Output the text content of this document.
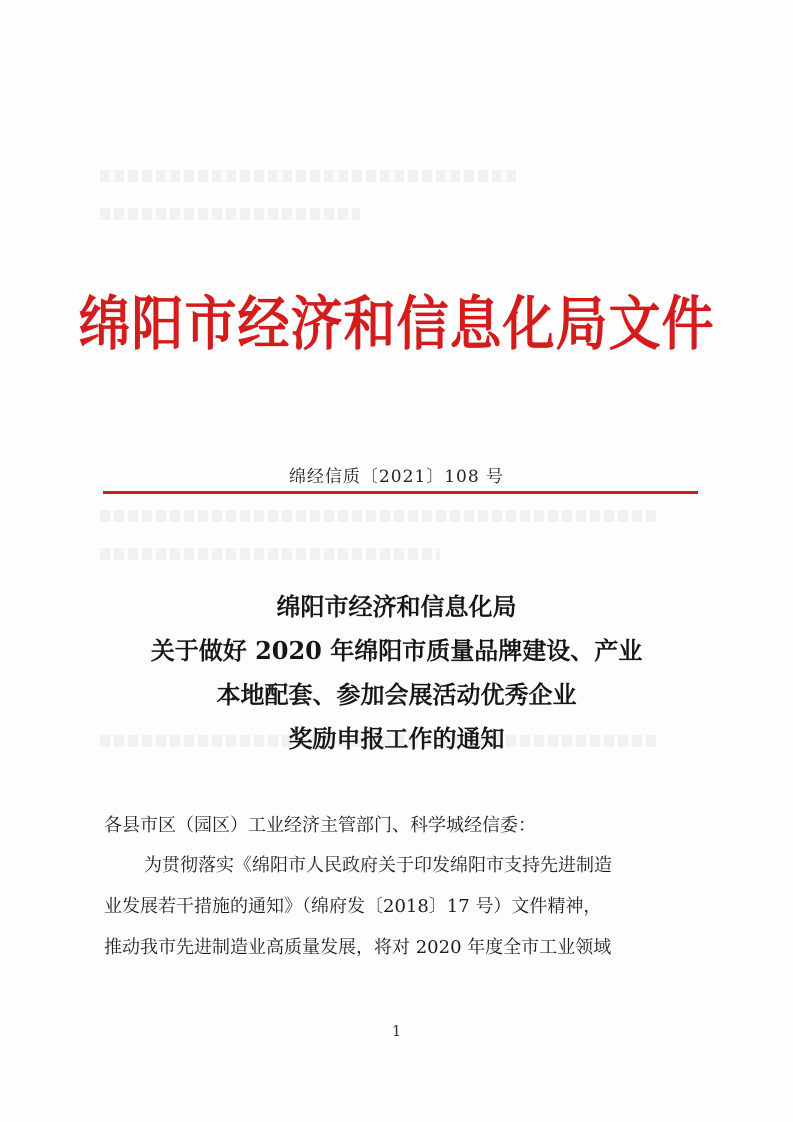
绵阳市经济和信息化局文件
绵经信质〔2021〕108 号
绵阳市经济和信息化局
关于做好 2020 年绵阳市质量品牌建设、产业
本地配套、参加会展活动优秀企业
奖励申报工作的通知
各县市区（园区）工业经济主管部门、科学城经信委：
为贯彻落实《绵阳市人民政府关于印发绵阳市支持先进制造
业发展若干措施的通知》（绵府发〔2018〕17 号）文件精神，
推动我市先进制造业高质量发展，将对 2020 年度全市工业领域
1
